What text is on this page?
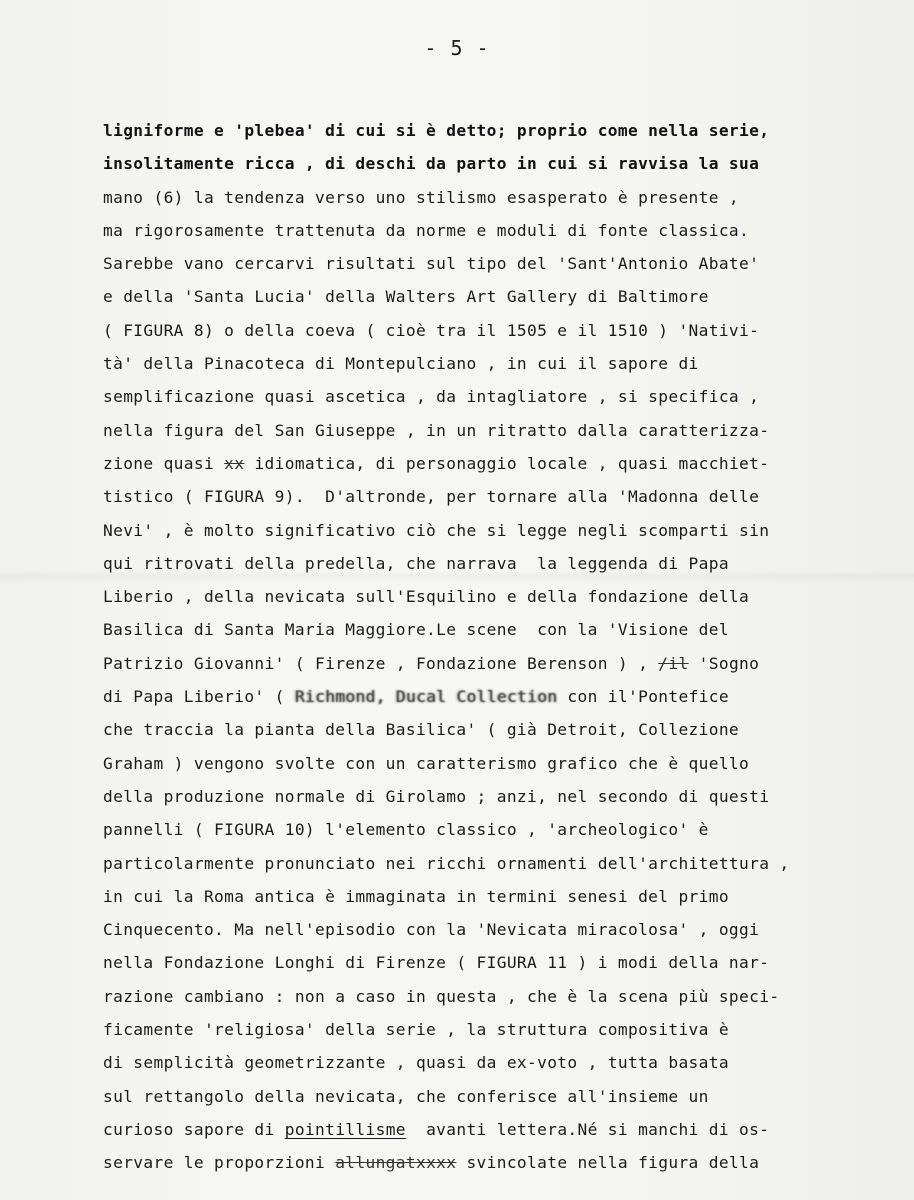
- 5 -
ligniforme e 'plebea' di cui si è detto; proprio come nella serie,
insolitamente ricca , di deschi da parto in cui si ravvisa la sua
mano (6) la tendenza verso uno stilismo esasperato è presente ,
ma rigorosamente trattenuta da norme e moduli di fonte classica.
Sarebbe vano cercarvi risultati sul tipo del 'Sant'Antonio Abate'
e della 'Santa Lucia' della Walters Art Gallery di Baltimore
( FIGURA 8) o della coeva ( cioè tra il 1505 e il 1510 ) 'Nativi-
tà' della Pinacoteca di Montepulciano , in cui il sapore di
semplificazione quasi ascetica , da intagliatore , si specifica ,
nella figura del San Giuseppe , in un ritratto dalla caratterizza-
zione quasi xx idiomatica, di personaggio locale , quasi macchiet-
tistico ( FIGURA 9).  D'altronde, per tornare alla 'Madonna delle
Nevi' , è molto significativo ciò che si legge negli scomparti sin
qui ritrovati della predella, che narrava  la leggenda di Papa
Liberio , della nevicata sull'Esquilino e della fondazione della
Basilica di Santa Maria Maggiore.Le scene  con la 'Visione del
Patrizio Giovanni' ( Firenze , Fondazione Berenson ) , /il 'Sogno
di Papa Liberio' ( Richmond, Ducal Collection con il'Pontefice
che traccia la pianta della Basilica' ( già Detroit, Collezione
Graham ) vengono svolte con un caratterismo grafico che è quello
della produzione normale di Girolamo ; anzi, nel secondo di questi
pannelli ( FIGURA 10) l'elemento classico , 'archeologico' è
particolarmente pronunciato nei ricchi ornamenti dell'architettura ,
in cui la Roma antica è immaginata in termini senesi del primo
Cinquecento. Ma nell'episodio con la 'Nevicata miracolosa' , oggi
nella Fondazione Longhi di Firenze ( FIGURA 11 ) i modi della nar-
razione cambiano : non a caso in questa , che è la scena più speci-
ficamente 'religiosa' della serie , la struttura compositiva è
di semplicità geometrizzante , quasi da ex-voto , tutta basata
sul rettangolo della nevicata, che conferisce all'insieme un
curioso sapore di pointillisme  avanti lettera.Né si manchi di os-
servare le proporzioni allungatxxxx svincolate nella figura della
